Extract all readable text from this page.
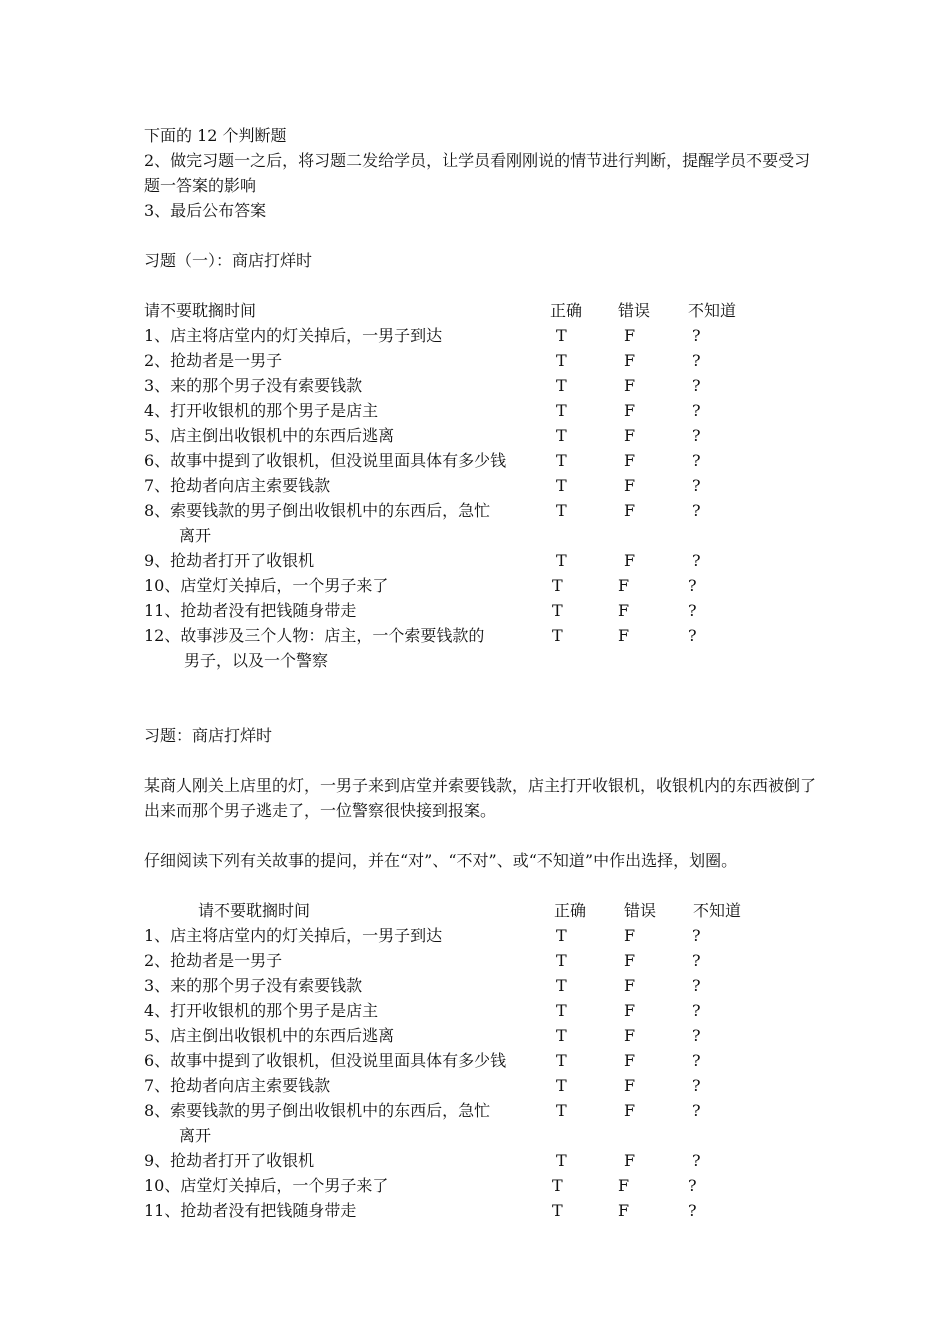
下面的 12 个判断题

2、做完习题一之后，将习题二发给学员，让学员看刚刚说的情节进行判断，提醒学员不要受习题一答案的影响

3、最后公布答案

习题（一）：商店打烊时

请不要耽搁时间	正确 错误 不知道
1、店主将店堂内的灯关掉后，一男子到达	T	F	?
2、抢劫者是一男子	T	F	?
3、来的那个男子没有索要钱款	T	F	?
4、打开收银机的那个男子是店主	T	F	?
5、店主倒出收银机中的东西后逃离	T	F	?
6、故事中提到了收银机，但没说里面具体有多少钱	T	F	?
7、抢劫者向店主索要钱款	T	F	?
8、索要钱款的男子倒出收银机中的东西后，急忙
离开
T	F	?
9、抢劫者打开了收银机	T	F	?
10、店堂灯关掉后，一个男子来了	T	F	?
11、抢劫者没有把钱随身带走	T	F	?
12、故事涉及三个人物：店主，一个索要钱款的
男子，以及一个警察
T	F	?

习题：商店打烊时

某商人刚关上店里的灯，一男子来到店堂并索要钱款，店主打开收银机，收银机内的东西被倒了出来而那个男子逃走了，一位警察很快接到报案。

仔细阅读下列有关故事的提问，并在“对”、“不对”、或“不知道”中作出选择，划圈。

请不要耽搁时间	正确 错误 不知道
1、店主将店堂内的灯关掉后，一男子到达	T	F	?
2、抢劫者是一男子	T	F	?
3、来的那个男子没有索要钱款	T	F	?
4、打开收银机的那个男子是店主	T	F	?
5、店主倒出收银机中的东西后逃离	T	F	?
6、故事中提到了收银机，但没说里面具体有多少钱	T	F	?
7、抢劫者向店主索要钱款	T	F	?
8、索要钱款的男子倒出收银机中的东西后，急忙
离开
T	F	?
9、抢劫者打开了收银机	T	F	?
10、店堂灯关掉后，一个男子来了	T	F	?
11、抢劫者没有把钱随身带走	T	F	?
